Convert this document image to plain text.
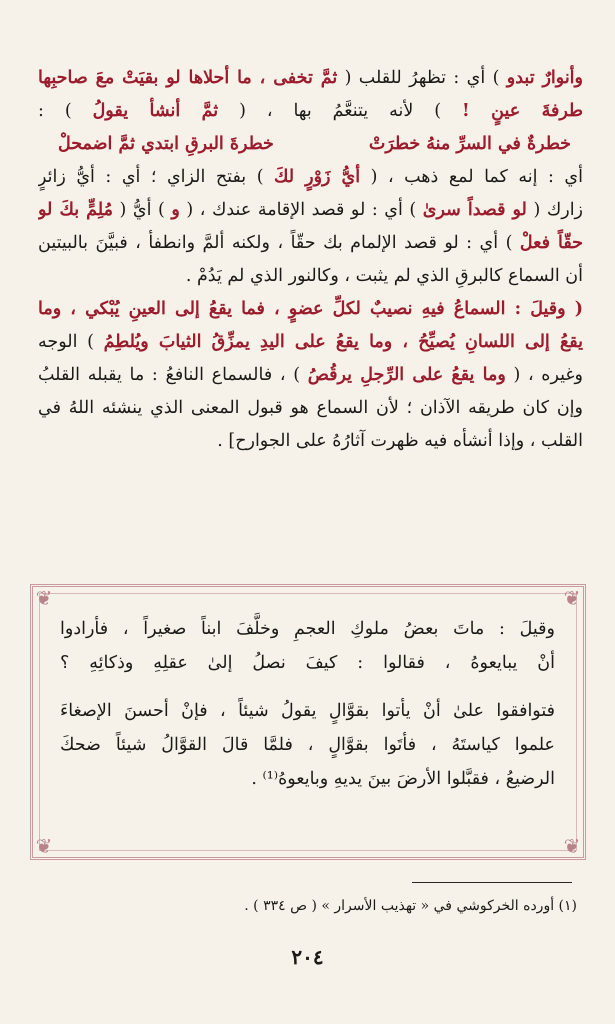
وأنوارٌ تبدو ) أي : تظهرُ للقلب ( ثمَّ تخفى ، ما أحلاها لو بقيَتْ معَ صاحبِها
طرفةَ عينٍ ! ) لأنه يتنعَّمُ بها ، ( ثمَّ أنشأ يقولُ ) :
خطرةٌ في السرِّ منهُ خطرَتْ
خطرةَ البرقِ ابتدي ثمَّ اضمحلْ
أي : إنه كما لمع ذهب ، ( أيُّ زَوْرٍ لكَ ) بفتح الزاي ؛ أي : أيُّ زائرٍ
زارك ( لو قصداً سرىٰ ) أي : لو قصد الإقامة عندك ، ( و ) أيُّ ( مُلِمٍّ بكَ لو
حقّاً فعلْ ) أي : لو قصد الإلمام بك حقّاً ، ولكنه ألمَّ وانطفأ ، فبيَّنَ بالبيتين
أن السماع كالبرقِ الذي لم يثبت ، وكالنور الذي لم يَدُمْ .
( وقيلَ : السماعُ فيهِ نصيبٌ لكلِّ عضوٍ ، فما يقعُ إلى العينِ يُبْكي ، وما
يقعُ إلى اللسانِ يُصيِّحُ ، وما يقعُ على اليدِ يمزِّقُ الثيابَ ويُلطِمُ ) الوجه
وغيره ، ( وما يقعُ على الرِّجلِ يرقُصُ ) ، فالسماع النافعُ : ما يقبله القلبُ
وإن كان طريقه الآذان ؛ لأن السماع هو قبول المعنى الذي ينشئه اللهُ في
القلب ، وإذا أنشأه فيه ظهرت آثارُهُ على الجوارح] .
❦	❦
❦	❦
وقيلَ : ماتَ بعضُ ملوكِ العجمِ وخلَّفَ ابناً صغيراً ، فأرادوا
أنْ يبايعوهُ ، فقالوا : كيفَ نصلُ إلىٰ عقلِهِ وذكائِهِ ؟
فتوافقوا علىٰ أنْ يأتوا بقوَّالٍ يقولُ شيئاً ، فإنْ أحسنَ الإصغاءَ
علموا كياستَهُ ، فأتَوا بقوَّالٍ ، فلمَّا قالَ القوَّالُ شيئاً ضحكَ
الرضيعُ ، فقبَّلوا الأرضَ بينَ يديهِ وبايعوهُ⁽¹⁾ .
(١) أورده الخركوشي في « تهذيب الأسرار » ( ص ٣٣٤ ) .
٢٠٤
